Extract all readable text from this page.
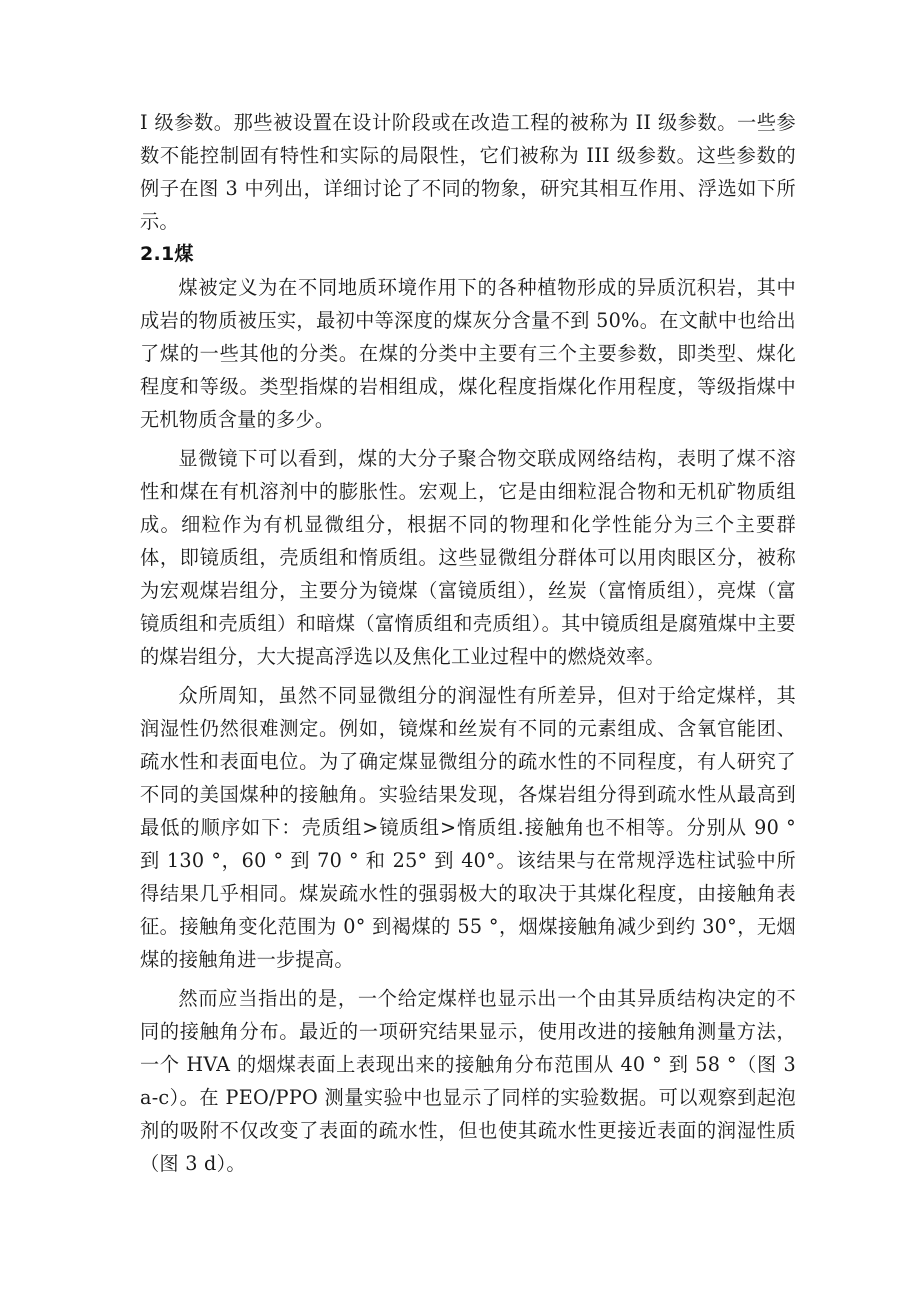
I 级参数。那些被设置在设计阶段或在改造工程的被称为 II 级参数。一些参数不能控制固有特性和实际的局限性，它们被称为 III 级参数。这些参数的例子在图 3 中列出，详细讨论了不同的物象，研究其相互作用、浮选如下所示。

2.1煤

煤被定义为在不同地质环境作用下的各种植物形成的异质沉积岩，其中成岩的物质被压实，最初中等深度的煤灰分含量不到 50%。在文献中也给出了煤的一些其他的分类。在煤的分类中主要有三个主要参数，即类型、煤化程度和等级。类型指煤的岩相组成，煤化程度指煤化作用程度，等级指煤中无机物质含量的多少。

显微镜下可以看到，煤的大分子聚合物交联成网络结构，表明了煤不溶性和煤在有机溶剂中的膨胀性。宏观上，它是由细粒混合物和无机矿物质组成。细粒作为有机显微组分，根据不同的物理和化学性能分为三个主要群体，即镜质组，壳质组和惰质组。这些显微组分群体可以用肉眼区分，被称为宏观煤岩组分，主要分为镜煤（富镜质组），丝炭（富惰质组），亮煤（富镜质组和壳质组）和暗煤（富惰质组和壳质组）。其中镜质组是腐殖煤中主要的煤岩组分，大大提高浮选以及焦化工业过程中的燃烧效率。

众所周知，虽然不同显微组分的润湿性有所差异，但对于给定煤样，其润湿性仍然很难测定。例如，镜煤和丝炭有不同的元素组成、含氧官能团、疏水性和表面电位。为了确定煤显微组分的疏水性的不同程度，有人研究了不同的美国煤种的接触角。实验结果发现，各煤岩组分得到疏水性从最高到最低的顺序如下：壳质组>镜质组>惰质组.接触角也不相等。分别从 90 ° 到 130 °，60 ° 到 70 ° 和 25° 到 40°。该结果与在常规浮选柱试验中所得结果几乎相同。煤炭疏水性的强弱极大的取决于其煤化程度，由接触角表征。接触角变化范围为 0° 到褐煤的 55 °，烟煤接触角减少到约 30°，无烟煤的接触角进一步提高。

然而应当指出的是，一个给定煤样也显示出一个由其异质结构决定的不同的接触角分布。最近的一项研究结果显示，使用改进的接触角测量方法，一个 HVA 的烟煤表面上表现出来的接触角分布范围从 40 ° 到 58 °（图 3 a-c）。在 PEO/PPO 测量实验中也显示了同样的实验数据。可以观察到起泡剂的吸附不仅改变了表面的疏水性，但也使其疏水性更接近表面的润湿性质（图 3 d）。
